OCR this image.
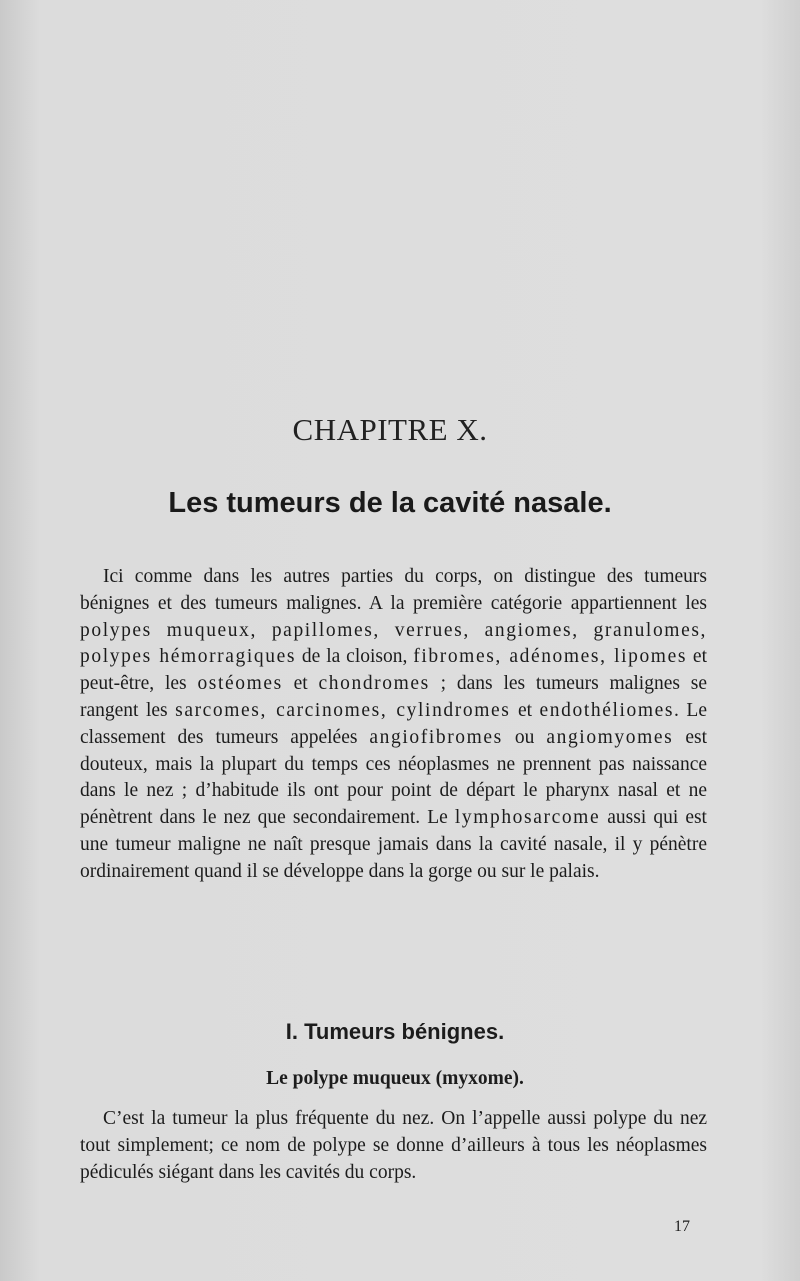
CHAPITRE X.
Les tumeurs de la cavité nasale.

Ici comme dans les autres parties du corps, on distingue des tumeurs bénignes et des tumeurs malignes. A la première catégorie appartiennent les polypes muqueux, papillomes, verrues, angiomes, granulomes, polypes hémorragiques de la cloison, fibromes, adénomes, lipomes et peut-être, les ostéomes et chondromes ; dans les tumeurs malignes se rangent les sarcomes, carcinomes, cylindromes et endothéliomes. Le classement des tumeurs appelées angiofibromes ou angiomyomes est douteux, mais la plupart du temps ces néoplasmes ne prennent pas naissance dans le nez ; d’habitude ils ont pour point de départ le pharynx nasal et ne pénètrent dans le nez que secondairement. Le lymphosarcome aussi qui est une tumeur maligne ne naît presque jamais dans la cavité nasale, il y pénètre ordinairement quand il se développe dans la gorge ou sur le palais.

I. Tumeurs bénignes.
Le polype muqueux (myxome).

C’est la tumeur la plus fréquente du nez. On l’appelle aussi polype du nez tout simplement; ce nom de polype se donne d’ailleurs à tous les néoplasmes pédiculés siégant dans les cavités du corps.

17
